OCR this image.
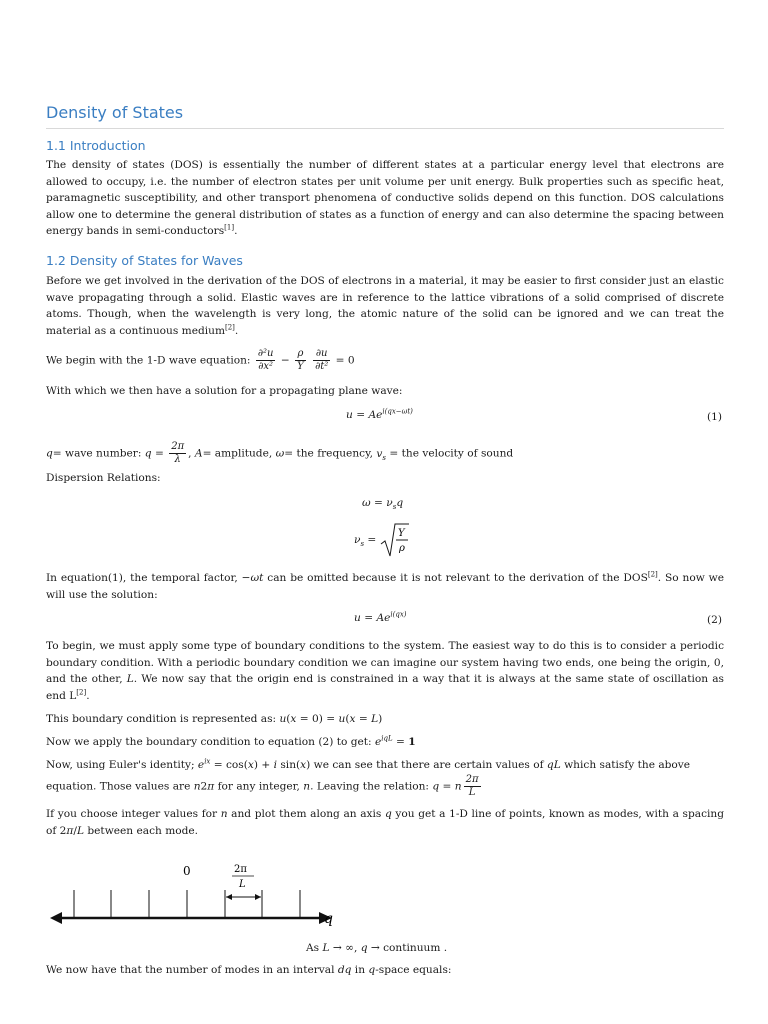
Density of States
1.1 Introduction

The density of states (DOS) is essentially the number of different states at a particular energy level that electrons are allowed to occupy, i.e. the number of electron states per unit volume per unit energy. Bulk properties such as specific heat, paramagnetic susceptibility, and other transport phenomena of conductive solids depend on this function. DOS calculations allow one to determine the general distribution of states as a function of energy and can also determine the spacing between energy bands in semi-conductors[1].

1.2 Density of States for Waves

Before we get involved in the derivation of the DOS of electrons in a material, it may be easier to first consider just an elastic wave propagating through a solid. Elastic waves are in reference to the lattice vibrations of a solid comprised of discrete atoms. Though, when the wavelength is very long, the atomic nature of the solid can be ignored and we can treat the material as a continuous medium[2].

We begin with the 1-D wave equation: $\frac{\text{∂²u}}{\text{∂x²}} - \frac{\rho}{Y}$
$\frac{\partial u}{\text{∂t²}} = 0$
With which we then have a solution for a propagating plane wave:
$u = Ae^{i(qx-\omega t)}$	(1)
q= wave number: $q = \frac{2\pi}{\lambda}$ , A= amplitude, ω= the frequency, $v_s$ = the velocity of sound
Dispersion Relations:
$\omega = \nu_sq$
$\nu_s$ =
Y
ρ

In equation(1), the temporal factor, −ωt can be omitted because it is not relevant to the derivation of the DOS[2]. So now we will use the solution:

$u = Ae^{i(qx)}$	(2)

To begin, we must apply some type of boundary conditions to the system. The easiest way to do this is to consider a periodic boundary condition. With a periodic boundary condition we can imagine our system having two ends, one being the origin, 0, and the other, L. We now say that the origin end is constrained in a way that it is always at the same state of oscillation as end L[2].

This boundary condition is represented as: u(x = 0) = u(x = L)
Now we apply the boundary condition to equation (2) to get: $e^{iqL} = 1$
Now, using Euler's identity; $e^{ix} = \cos(x) + i$ sin(x) we can see that there are certain values of qL which satisfy the above
equation. Those values are n2π for any integer, n. Leaving the relation: q = n $\frac{2\pi}{L}$

If you choose integer values for n and plot them along an axis q you get a 1-D line of points, known as modes, with a spacing of 2π/L between each mode.

0	2π
L
q
As L → ∞, q → continuum .
We now have that the number of modes in an interval dq in q-space equals:
